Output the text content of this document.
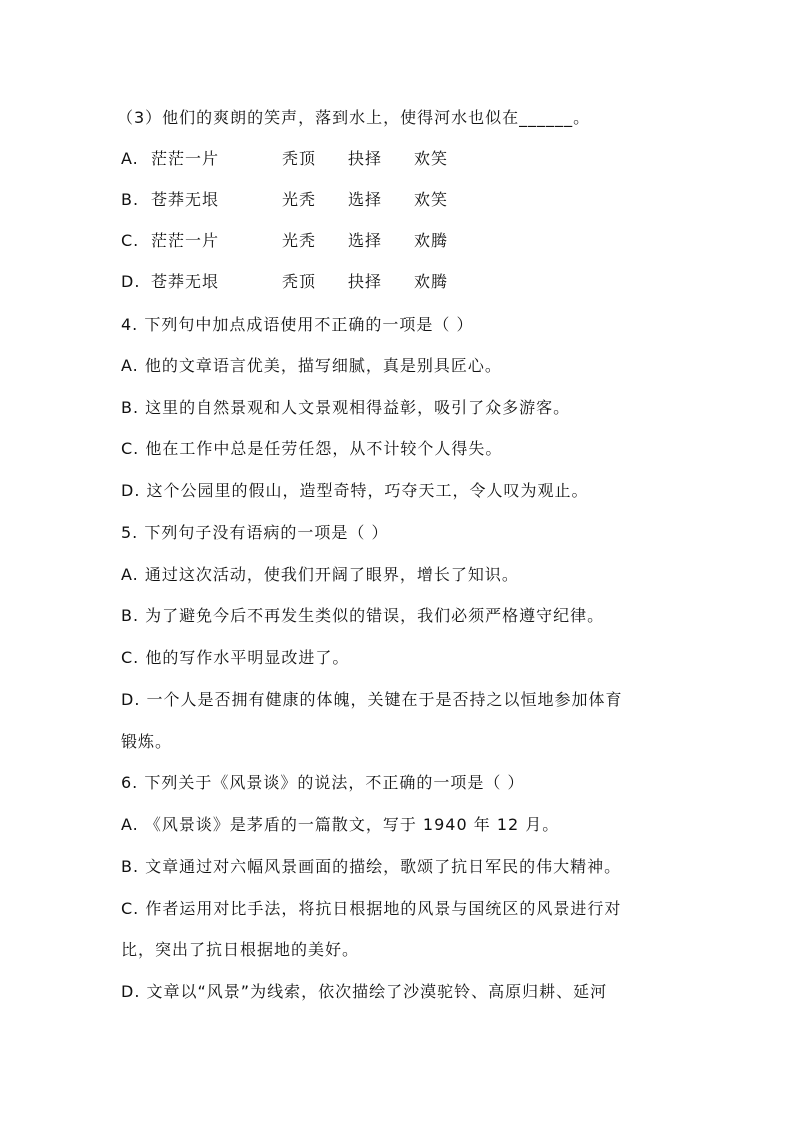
（3）他们的爽朗的笑声，落到水上，使得河水也似在______。
A. 茫茫一片	秃顶 抉择 欢笑
B. 苍莽无垠	光秃 选择 欢笑
C. 茫茫一片	光秃 选择 欢腾
D. 苍莽无垠	秃顶 抉择 欢腾
4. 下列句中加点成语使用不正确的一项是（ ）
A. 他的文章语言优美，描写细腻，真是别具匠心。
B. 这里的自然景观和人文景观相得益彰，吸引了众多游客。
C. 他在工作中总是任劳任怨，从不计较个人得失。
D. 这个公园里的假山，造型奇特，巧夺天工，令人叹为观止。
5. 下列句子没有语病的一项是（ ）
A. 通过这次活动，使我们开阔了眼界，增长了知识。
B. 为了避免今后不再发生类似的错误，我们必须严格遵守纪律。
C. 他的写作水平明显改进了。
D. 一个人是否拥有健康的体魄，关键在于是否持之以恒地参加体育
锻炼。
6. 下列关于《风景谈》的说法，不正确的一项是（ ）
A. 《风景谈》是茅盾的一篇散文，写于 1940 年 12 月。
B. 文章通过对六幅风景画面的描绘，歌颂了抗日军民的伟大精神。
C. 作者运用对比手法，将抗日根据地的风景与国统区的风景进行对
比，突出了抗日根据地的美好。
D. 文章以“风景”为线索，依次描绘了沙漠驼铃、高原归耕、延河
